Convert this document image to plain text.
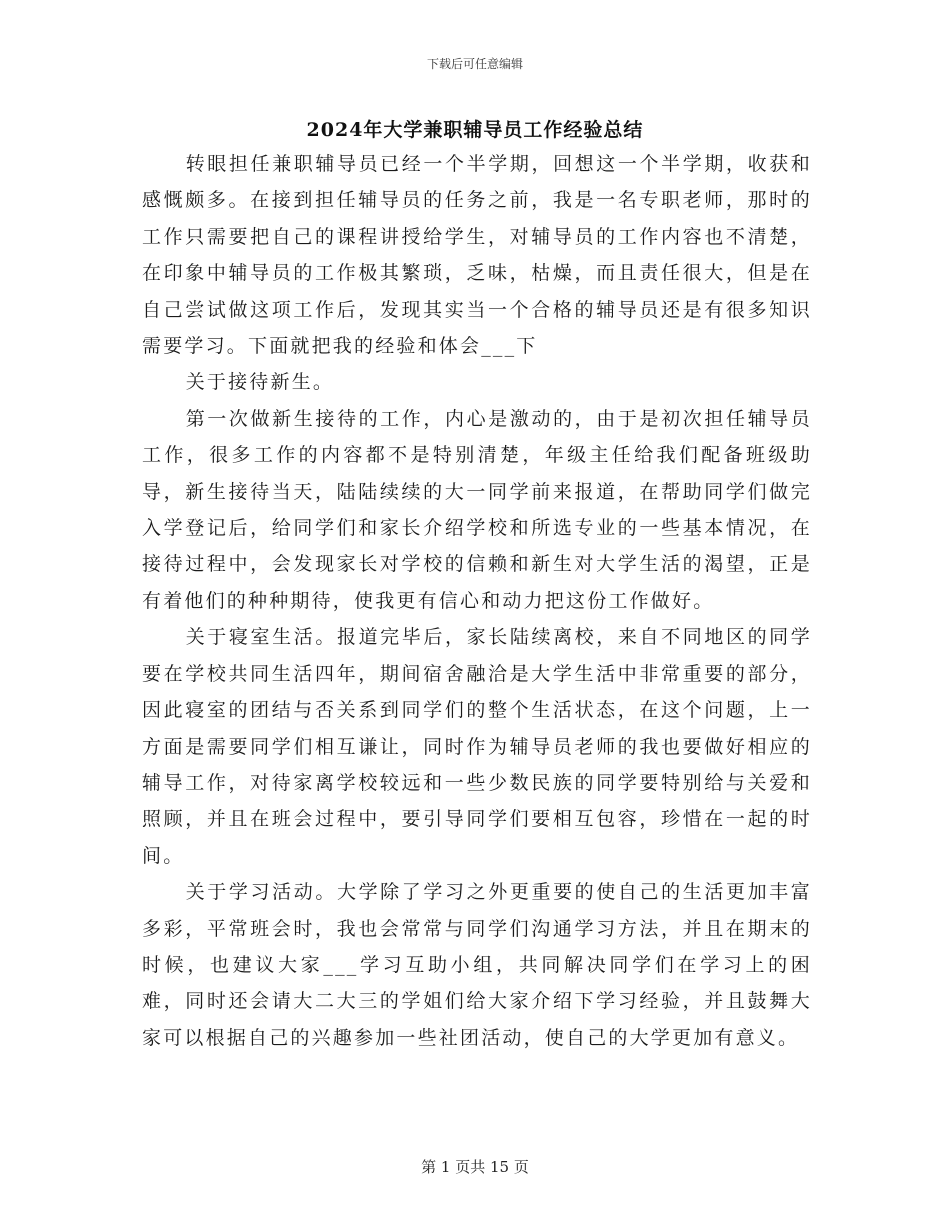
下载后可任意编辑
2024年大学兼职辅导员工作经验总结

转眼担任兼职辅导员已经一个半学期，回想这一个半学期，收获和感慨颇多。在接到担任辅导员的任务之前，我是一名专职老师，那时的工作只需要把自己的课程讲授给学生，对辅导员的工作内容也不清楚，在印象中辅导员的工作极其繁琐，乏味，枯燥，而且责任很大，但是在自己尝试做这项工作后，发现其实当一个合格的辅导员还是有很多知识需要学习。下面就把我的经验和体会___下

关于接待新生。

第一次做新生接待的工作，内心是激动的，由于是初次担任辅导员工作，很多工作的内容都不是特别清楚，年级主任给我们配备班级助导，新生接待当天，陆陆续续的大一同学前来报道，在帮助同学们做完入学登记后，给同学们和家长介绍学校和所选专业的一些基本情况，在接待过程中，会发现家长对学校的信赖和新生对大学生活的渴望，正是有着他们的种种期待，使我更有信心和动力把这份工作做好。

关于寝室生活。报道完毕后，家长陆续离校，来自不同地区的同学要在学校共同生活四年，期间宿舍融洽是大学生活中非常重要的部分，因此寝室的团结与否关系到同学们的整个生活状态，在这个问题，上一方面是需要同学们相互谦让，同时作为辅导员老师的我也要做好相应的辅导工作，对待家离学校较远和一些少数民族的同学要特别给与关爱和照顾，并且在班会过程中，要引导同学们要相互包容，珍惜在一起的时间。

关于学习活动。大学除了学习之外更重要的使自己的生活更加丰富多彩，平常班会时，我也会常常与同学们沟通学习方法，并且在期末的时候，也建议大家___学习互助小组，共同解决同学们在学习上的困难，同时还会请大二大三的学姐们给大家介绍下学习经验，并且鼓舞大家可以根据自己的兴趣参加一些社团活动，使自己的大学更加有意义。

第 1 页共 15 页
